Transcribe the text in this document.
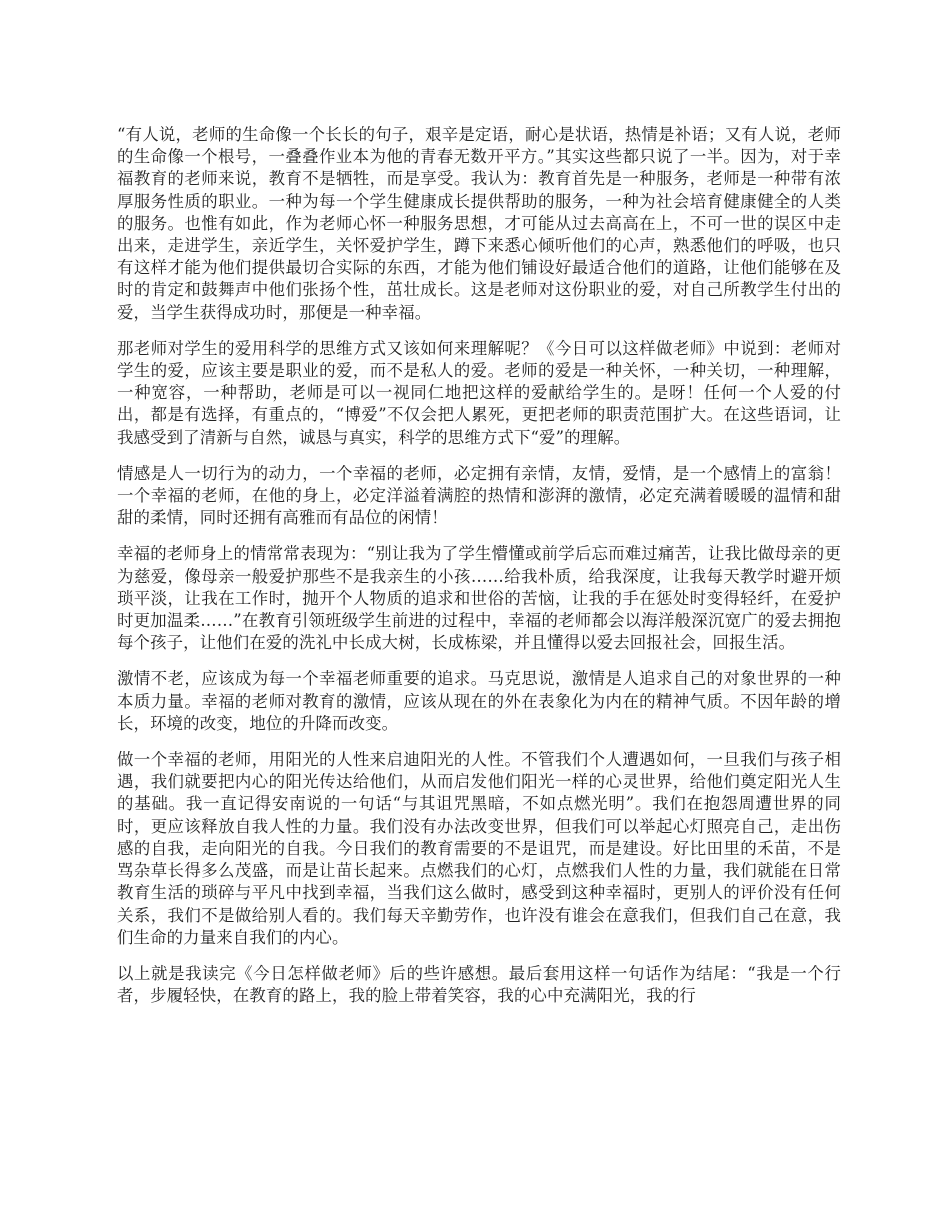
“有人说，老师的生命像一个长长的句子，艰辛是定语，耐心是状语，热情是补语；又有人说，老师的生命像一个根号，一叠叠作业本为他的青春无数开平方。”其实这些都只说了一半。因为，对于幸福教育的老师来说，教育不是牺牲，而是享受。我认为：教育首先是一种服务，老师是一种带有浓厚服务性质的职业。一种为每一个学生健康成长提供帮助的服务，一种为社会培育健康健全的人类的服务。也惟有如此，作为老师心怀一种服务思想，才可能从过去高高在上，不可一世的误区中走出来，走进学生，亲近学生，关怀爱护学生，蹲下来悉心倾听他们的心声，熟悉他们的呼吸，也只有这样才能为他们提供最切合实际的东西，才能为他们铺设好最适合他们的道路，让他们能够在及时的肯定和鼓舞声中他们张扬个性，茁壮成长。这是老师对这份职业的爱，对自己所教学生付出的爱，当学生获得成功时，那便是一种幸福。

那老师对学生的爱用科学的思维方式又该如何来理解呢？《今日可以这样做老师》中说到：老师对学生的爱，应该主要是职业的爱，而不是私人的爱。老师的爱是一种关怀，一种关切，一种理解，一种宽容，一种帮助，老师是可以一视同仁地把这样的爱献给学生的。是呀！任何一个人爱的付出，都是有选择，有重点的，“博爱”不仅会把人累死，更把老师的职责范围扩大。在这些语词，让我感受到了清新与自然，诚恳与真实，科学的思维方式下“爱”的理解。

情感是人一切行为的动力，一个幸福的老师，必定拥有亲情，友情，爱情，是一个感情上的富翁！一个幸福的老师，在他的身上，必定洋溢着满腔的热情和澎湃的激情，必定充满着暖暖的温情和甜甜的柔情，同时还拥有高雅而有品位的闲情！

幸福的老师身上的情常常表现为：“别让我为了学生懵懂或前学后忘而难过痛苦，让我比做母亲的更为慈爱，像母亲一般爱护那些不是我亲生的小孩……给我朴质，给我深度，让我每天教学时避开烦琐平淡，让我在工作时，抛开个人物质的追求和世俗的苦恼，让我的手在惩处时变得轻纤，在爱护时更加温柔……”在教育引领班级学生前进的过程中，幸福的老师都会以海洋般深沉宽广的爱去拥抱每个孩子，让他们在爱的洗礼中长成大树，长成栋梁，并且懂得以爱去回报社会，回报生活。

激情不老，应该成为每一个幸福老师重要的追求。马克思说，激情是人追求自己的对象世界的一种本质力量。幸福的老师对教育的激情，应该从现在的外在表象化为内在的精神气质。不因年龄的增长，环境的改变，地位的升降而改变。

做一个幸福的老师，用阳光的人性来启迪阳光的人性。不管我们个人遭遇如何，一旦我们与孩子相遇，我们就要把内心的阳光传达给他们，从而启发他们阳光一样的心灵世界，给他们奠定阳光人生的基础。我一直记得安南说的一句话“与其诅咒黑暗，不如点燃光明”。我们在抱怨周遭世界的同时，更应该释放自我人性的力量。我们没有办法改变世界，但我们可以举起心灯照亮自己，走出伤感的自我，走向阳光的自我。今日我们的教育需要的不是诅咒，而是建设。好比田里的禾苗，不是骂杂草长得多么茂盛，而是让苗长起来。点燃我们的心灯，点燃我们人性的力量，我们就能在日常教育生活的琐碎与平凡中找到幸福，当我们这么做时，感受到这种幸福时，更别人的评价没有任何关系，我们不是做给别人看的。我们每天辛勤劳作，也许没有谁会在意我们，但我们自己在意，我们生命的力量来自我们的内心。

以上就是我读完《今日怎样做老师》后的些许感想。最后套用这样一句话作为结尾：“我是一个行者，步履轻快，在教育的路上，我的脸上带着笑容，我的心中充满阳光，我的行
